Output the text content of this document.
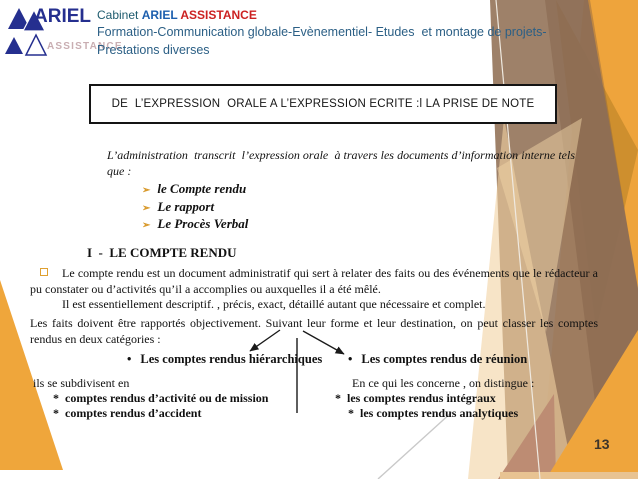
ARIEL
ASSISTANCE
Cabinet ARIEL ASSISTANCE
Formation-Communication globale-Evènementiel- Etudes  et montage de projets-
Prestations diverses
DE  L’EXPRESSION  ORALE A L’EXPRESSION ECRITE :l LA PRISE DE NOTE
L’administration  transcrit  l’expression orale  à travers les documents d’information interne tels que :
➢ le Compte rendu
➢ Le rapport
➢ Le Procès Verbal
I  -  LE COMPTE RENDU
Le compte rendu est un document administratif qui sert à relater des faits ou des événements que le rédacteur a pu constater ou d’activités qu’il a accomplies ou auxquelles il a été mêlé.
Il est essentiellement descriptif. , précis, exact, détaillé autant que nécessaire et complet.
Les faits doivent être rapportés objectivement. Suivant leur forme et leur destination, on peut classer les comptes rendus en deux catégories :
• Les comptes rendus hiérarchiques • Les comptes rendus de réunion
ils se subdivisent en
* comptes rendus d’activité ou de mission
* comptes rendus d’accident
En ce qui les concerne , on distingue :
* les comptes rendus intégraux
* les comptes rendus analytiques
13
